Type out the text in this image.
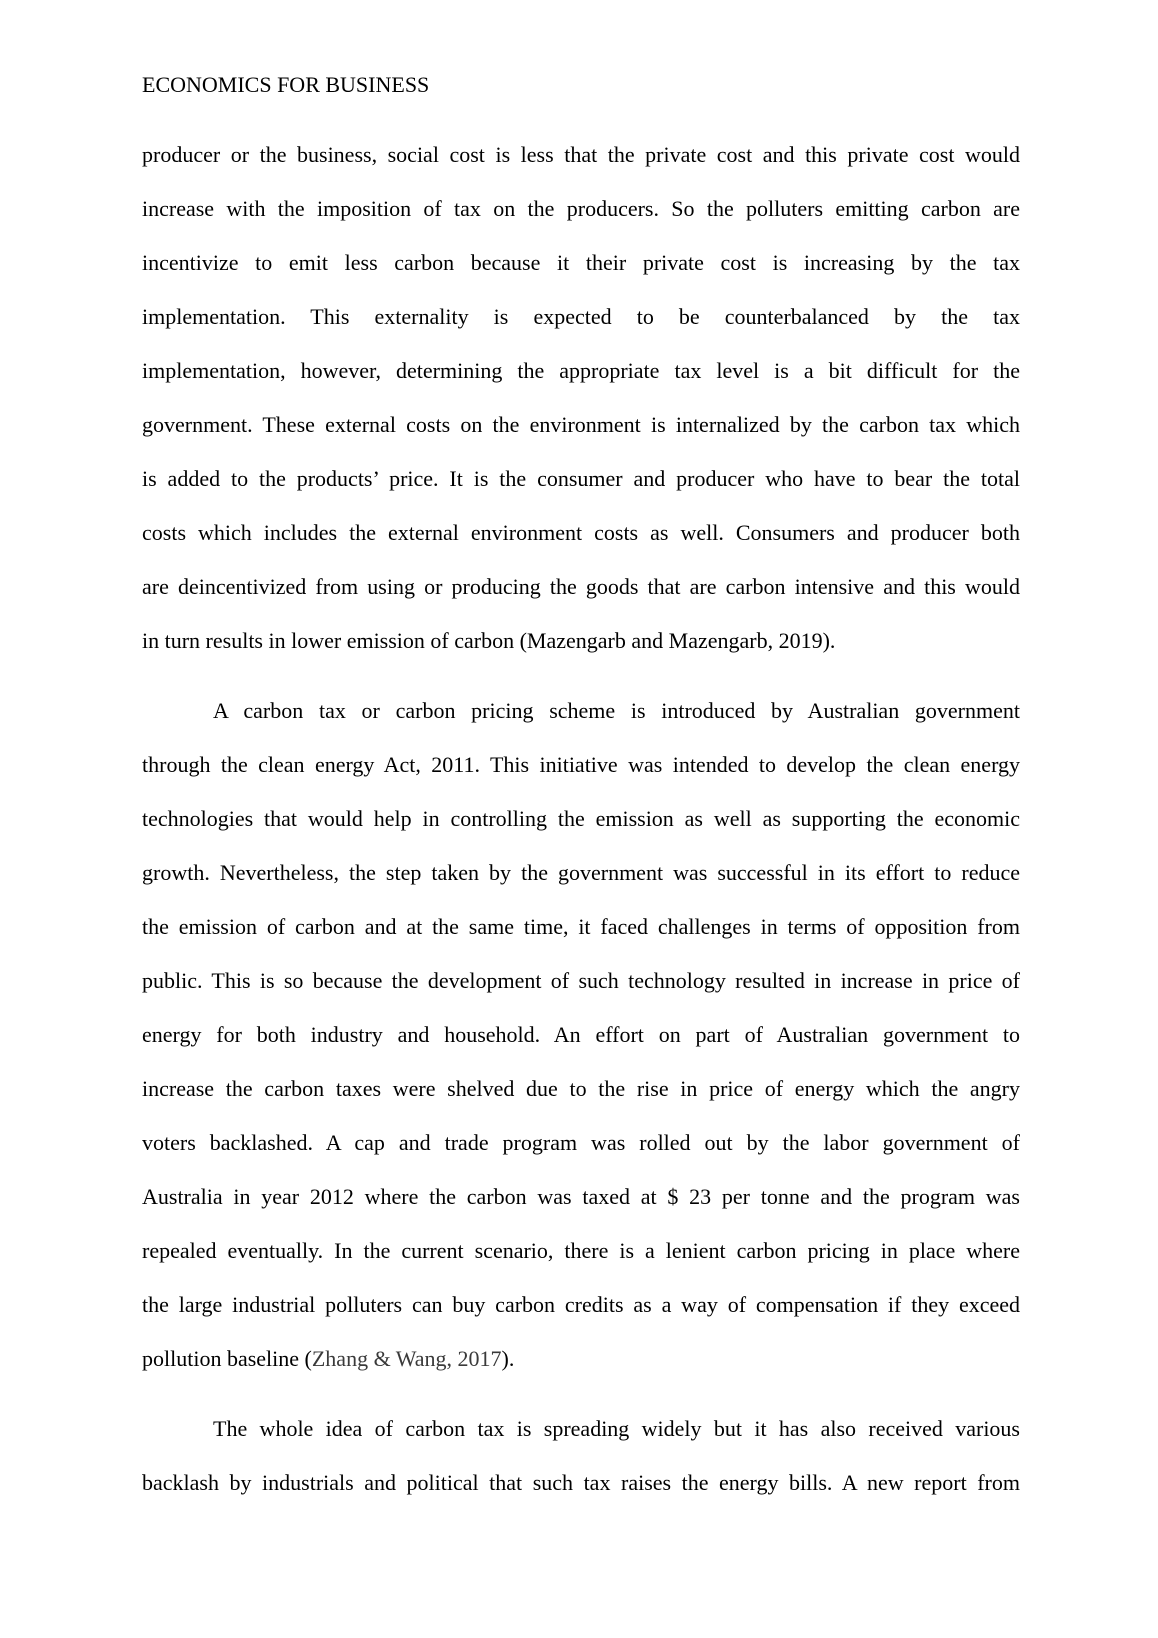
ECONOMICS FOR BUSINESS
producer or the business, social cost is less that the private cost and this private cost would
increase with the imposition of tax on the producers. So the polluters emitting carbon are
incentivize to emit less carbon because it their private cost is increasing by the tax
implementation. This externality is expected to be counterbalanced by the tax
implementation, however, determining the appropriate tax level is a bit difficult for the
government. These external costs on the environment is internalized by the carbon tax which
is added to the products’ price. It is the consumer and producer who have to bear the total
costs which includes the external environment costs as well. Consumers and producer both
are deincentivized from using or producing the goods that are carbon intensive and this would
in turn results in lower emission of carbon (Mazengarb and Mazengarb, 2019).
A carbon tax or carbon pricing scheme is introduced by Australian government
through the clean energy Act, 2011. This initiative was intended to develop the clean energy
technologies that would help in controlling the emission as well as supporting the economic
growth. Nevertheless, the step taken by the government was successful in its effort to reduce
the emission of carbon and at the same time, it faced challenges in terms of opposition from
public. This is so because the development of such technology resulted in increase in price of
energy for both industry and household. An effort on part of Australian government to
increase the carbon taxes were shelved due to the rise in price of energy which the angry
voters backlashed. A cap and trade program was rolled out by the labor government of
Australia in year 2012 where the carbon was taxed at $ 23 per tonne and the program was
repealed eventually. In the current scenario, there is a lenient carbon pricing in place where
the large industrial polluters can buy carbon credits as a way of compensation if they exceed
pollution baseline (Zhang & Wang, 2017).
The whole idea of carbon tax is spreading widely but it has also received various
backlash by industrials and political that such tax raises the energy bills. A new report from
